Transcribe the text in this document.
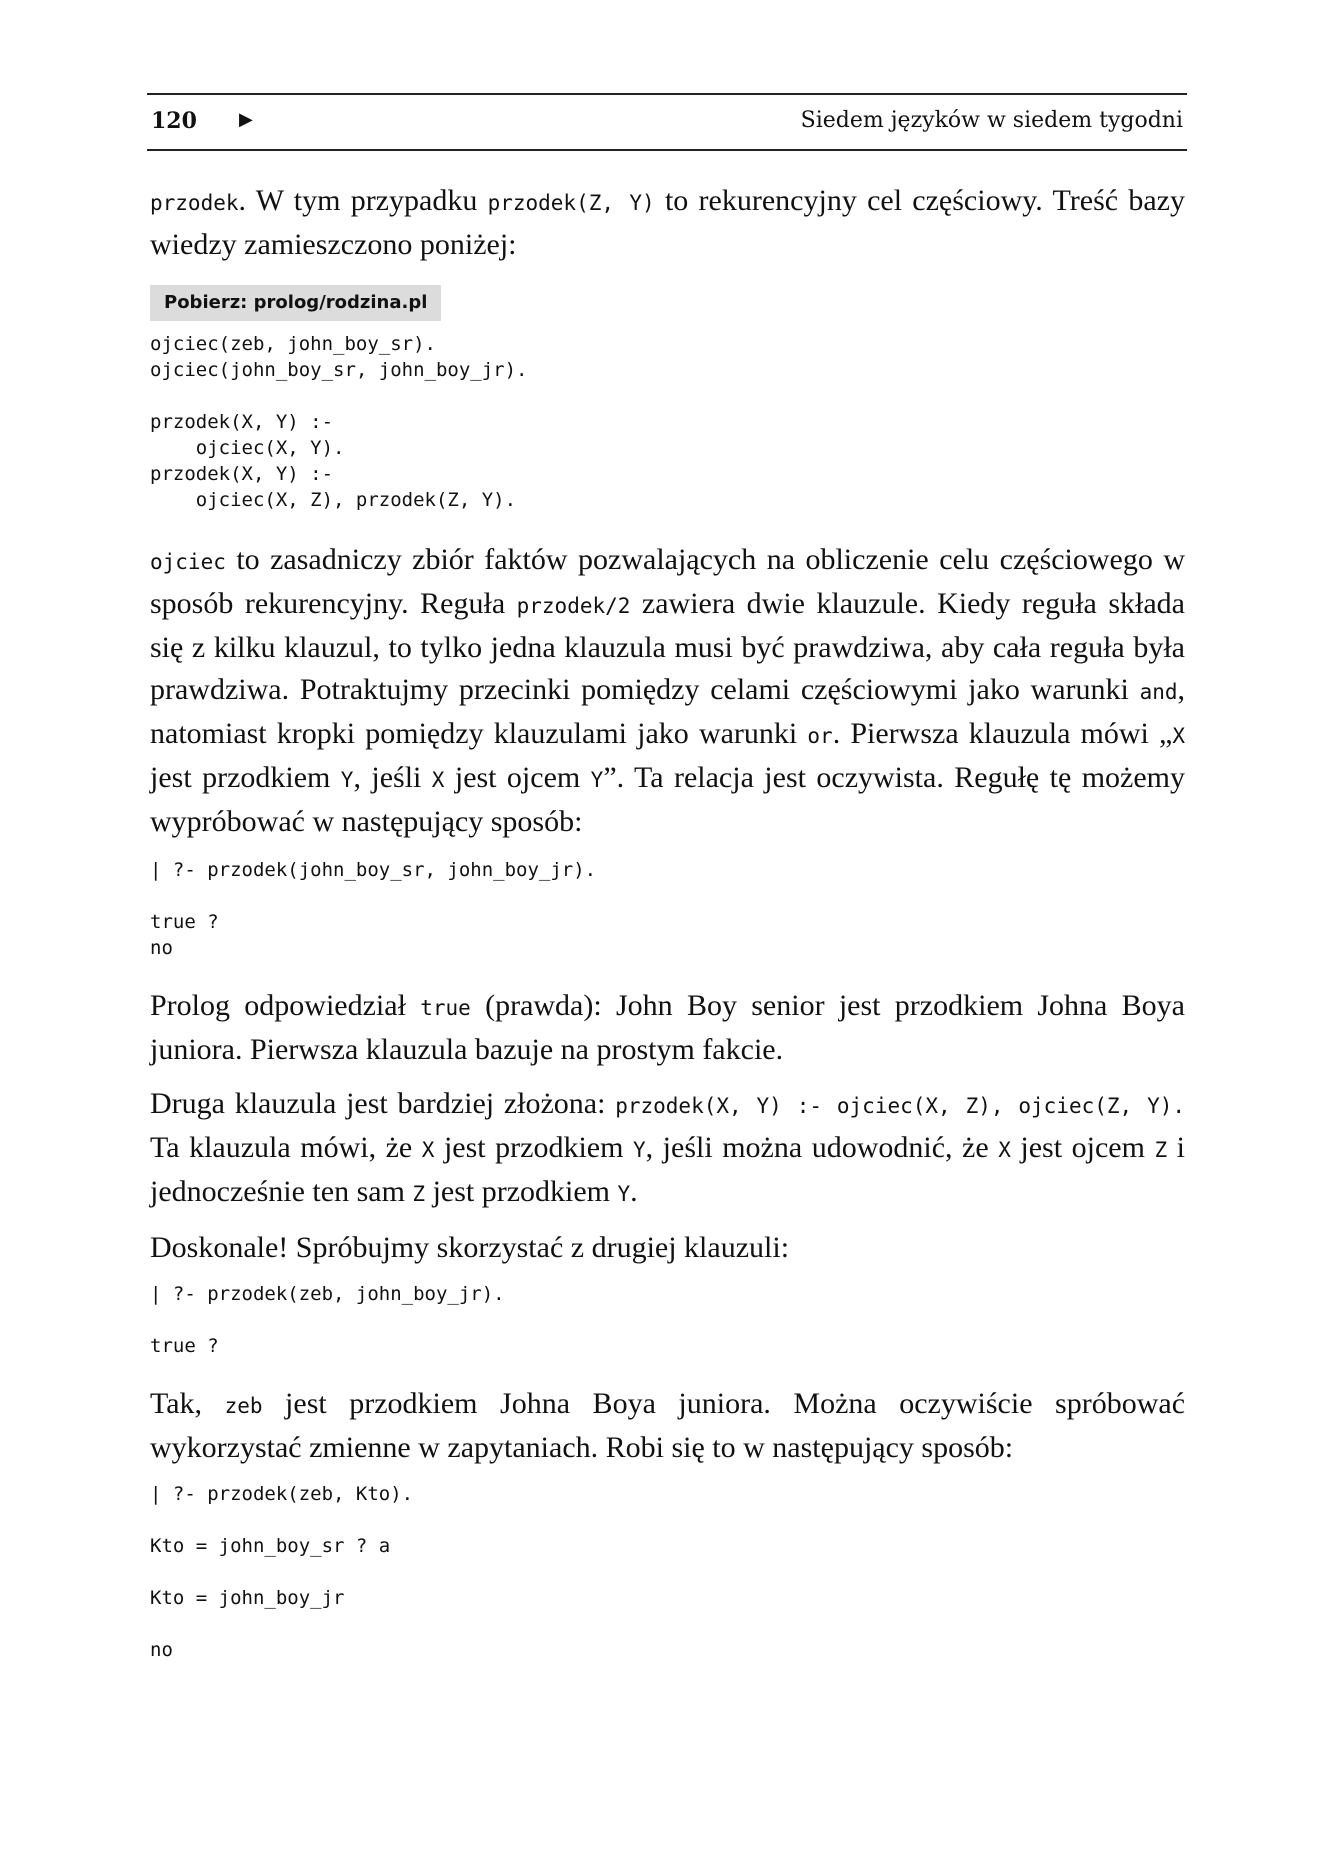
120 ▶	Siedem języków w siedem tygodni

przodek. W tym przypadku przodek(Z, Y) to rekurencyjny cel częściowy. Treść bazy wiedzy zamieszczono poniżej:

Pobierz: prolog/rodzina.pl
ojciec(zeb, john_boy_sr).
ojciec(john_boy_sr, john_boy_jr).

przodek(X, Y) :-
ojciec(X, Y).
przodek(X, Y) :-
ojciec(X, Z), przodek(Z, Y).

ojciec to zasadniczy zbiór faktów pozwalających na obliczenie celu częściowego w sposób rekurencyjny. Reguła przodek/2 zawiera dwie klauzule. Kiedy reguła składa się z kilku klauzul, to tylko jedna klauzula musi być prawdziwa, aby cała reguła była prawdziwa. Potraktujmy przecinki pomiędzy celami częściowymi jako warunki and, natomiast kropki pomiędzy klauzulami jako warunki or. Pierwsza klauzula mówi „X jest przodkiem Y, jeśli X jest ojcem Y”. Ta relacja jest oczywista. Regułę tę możemy wypróbować w następujący sposób:

| ?- przodek(john_boy_sr, john_boy_jr).

true ?
no

Prolog odpowiedział true (prawda): John Boy senior jest przodkiem Johna Boya juniora. Pierwsza klauzula bazuje na prostym fakcie.

Druga klauzula jest bardziej złożona: przodek(X, Y) :- ojciec(X, Z), ojciec(Z, Y). Ta klauzula mówi, że X jest przodkiem Y, jeśli można udowodnić, że X jest ojcem Z i jednocześnie ten sam Z jest przodkiem Y.

Doskonale! Spróbujmy skorzystać z drugiej klauzuli:

| ?- przodek(zeb, john_boy_jr).

true ?

Tak, zeb jest przodkiem Johna Boya juniora. Można oczywiście spróbować wykorzystać zmienne w zapytaniach. Robi się to w następujący sposób:

| ?- przodek(zeb, Kto).

Kto = john_boy_sr ? a

Kto = john_boy_jr

no
